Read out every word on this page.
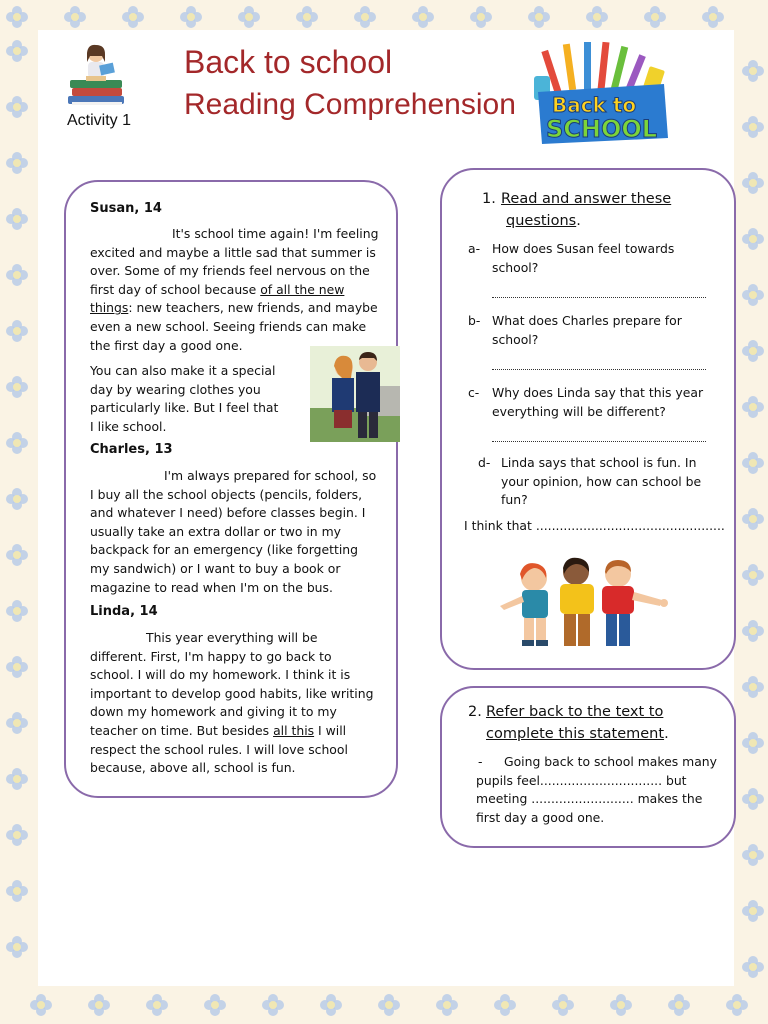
Activity 1
Back to school
Reading Comprehension Back to
SCHOOL
Susan, 14
It's school time again! I'm feeling
excited and maybe a little sad that summer is
over. Some of my friends feel nervous on the
first day of school because of all the new
things: new teachers, new friends, and maybe
even a new school. Seeing friends can make
the first day a good one.
You can also make it a special
day by wearing clothes you
particularly like. But I feel that
I like school.
Charles, 13
I'm always prepared for school, so
I buy all the school objects (pencils, folders,
and whatever I need) before classes begin. I
usually take an extra dollar or two in my
backpack for an emergency (like forgetting
my sandwich) or I want to buy a book or
magazine to read when I'm on the bus.
Linda, 14
This year everything will be
different. First, I'm happy to go back to
school. I will do my homework. I think it is
important to develop good habits, like writing
down my homework and giving it to my
teacher on time. But besides all this I will
respect the school rules. I will love school
because, above all, school is fun.
1. Read and answer these
questions.
a- How does Susan feel towards
school?
b- What does Charles prepare for
school?
c- Why does Linda say that this year
everything will be different?
d- Linda says that school is fun. In
your opinion, how can school be
fun?
I think that ................................................
2. Refer back to the text to
complete this statement.
-	Going back to school makes many
pupils feel............................... but
meeting .......................... makes the
first day a good one.
